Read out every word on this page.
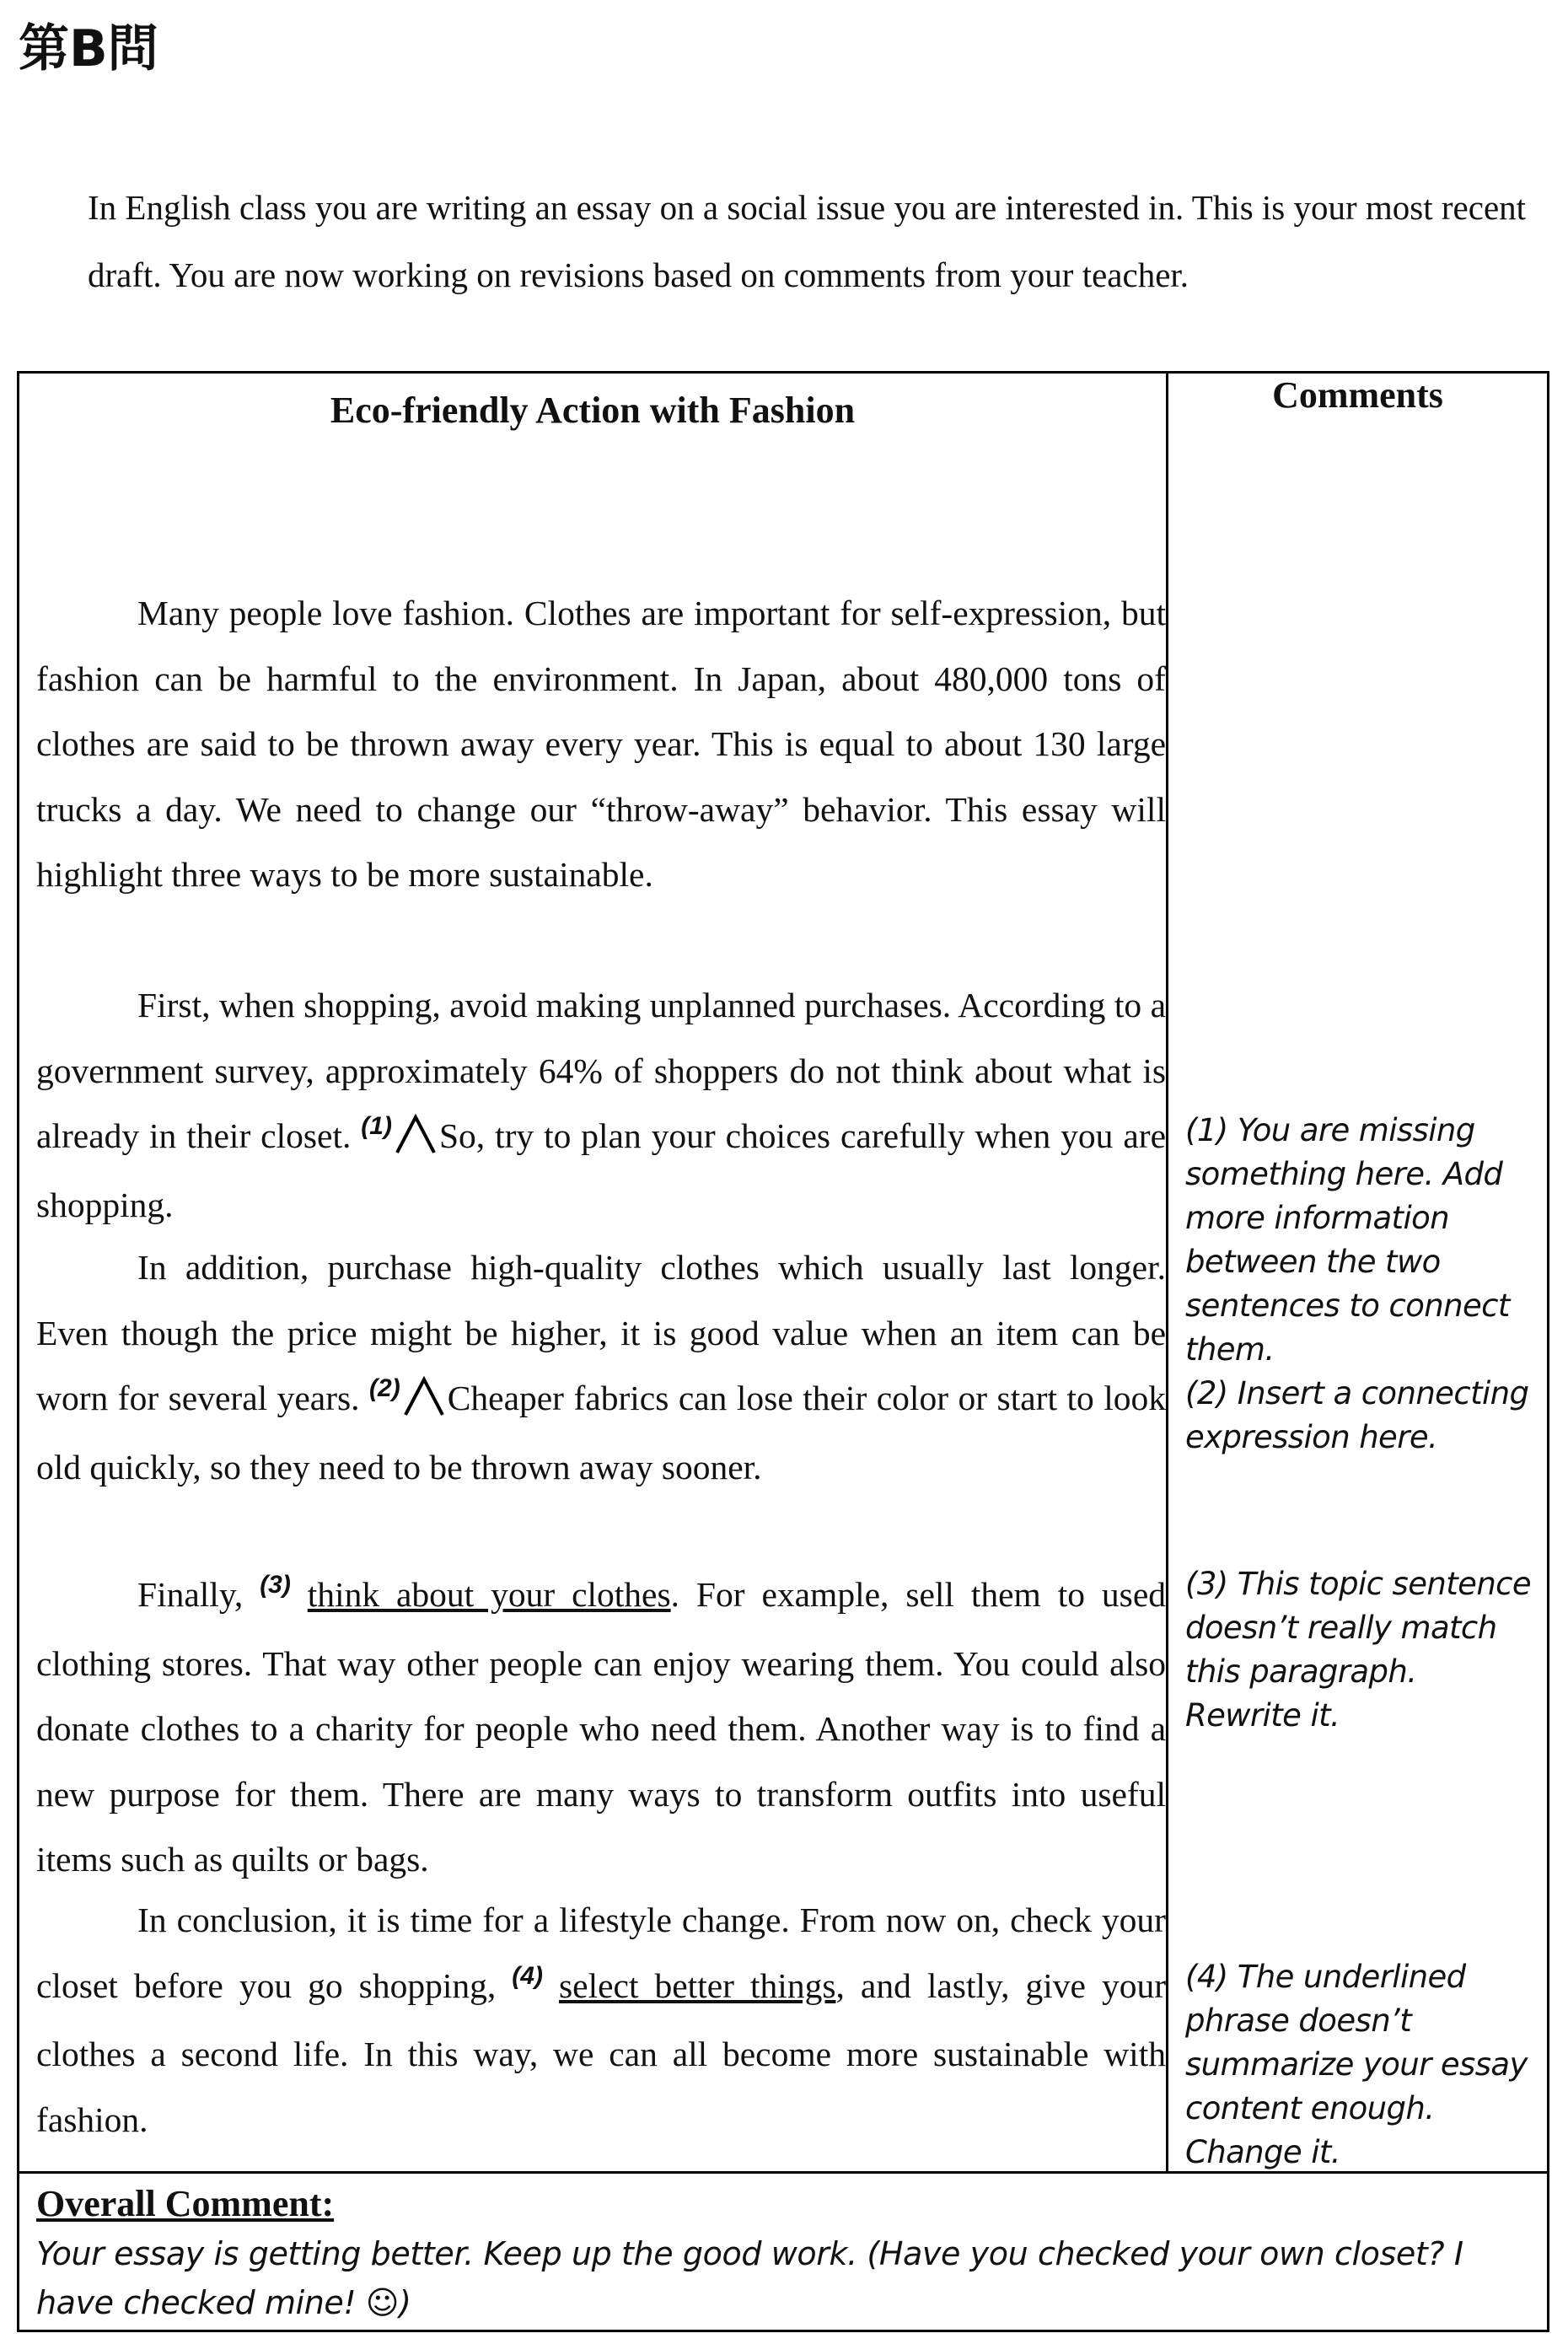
第B問
In English class you are writing an essay on a social issue you are interested in. This is your most recent draft. You are now working on revisions based on comments from your teacher.
Eco-friendly Action with Fashion
Many people love fashion. Clothes are important for self-expression, but fashion can be harmful to the environment. In Japan, about 480,000 tons of clothes are said to be thrown away every year. This is equal to about 130 large trucks a day. We need to change our “throw-away” behavior. This essay will highlight three ways to be more sustainable.
First, when shopping, avoid making unplanned purchases. According to a government survey, approximately 64% of shoppers do not think about what is already in their closet. $^{(1)}$ So, try to plan your choices carefully when you are shopping.
In addition, purchase high-quality clothes which usually last longer. Even though the price might be higher, it is good value when an item can be worn for several years. $^{(2)}$ Cheaper fabrics can lose their color or start to look old quickly, so they need to be thrown away sooner.
Finally, $^{(3)}$ think about your clothes. For example, sell them to used clothing stores. That way other people can enjoy wearing them. You could also donate clothes to a charity for people who need them. Another way is to find a new purpose for them. There are many ways to transform outfits into useful items such as quilts or bags.
In conclusion, it is time for a lifestyle change. From now on, check your closet before you go shopping, $^{(4)}$ select better things, and lastly, give your clothes a second life. In this way, we can all become more sustainable with fashion.
Comments
(1) You are missing something here. Add more information between the two sentences to connect them.
(2) Insert a connecting expression here.
(3) This topic sentence doesn’t really match this paragraph. Rewrite it.
(4) The underlined phrase doesn’t summarize your essay content enough. Change it.
Overall Comment:
Your essay is getting better. Keep up the good work. (Have you checked your own closet? I have checked mine! ☺)
